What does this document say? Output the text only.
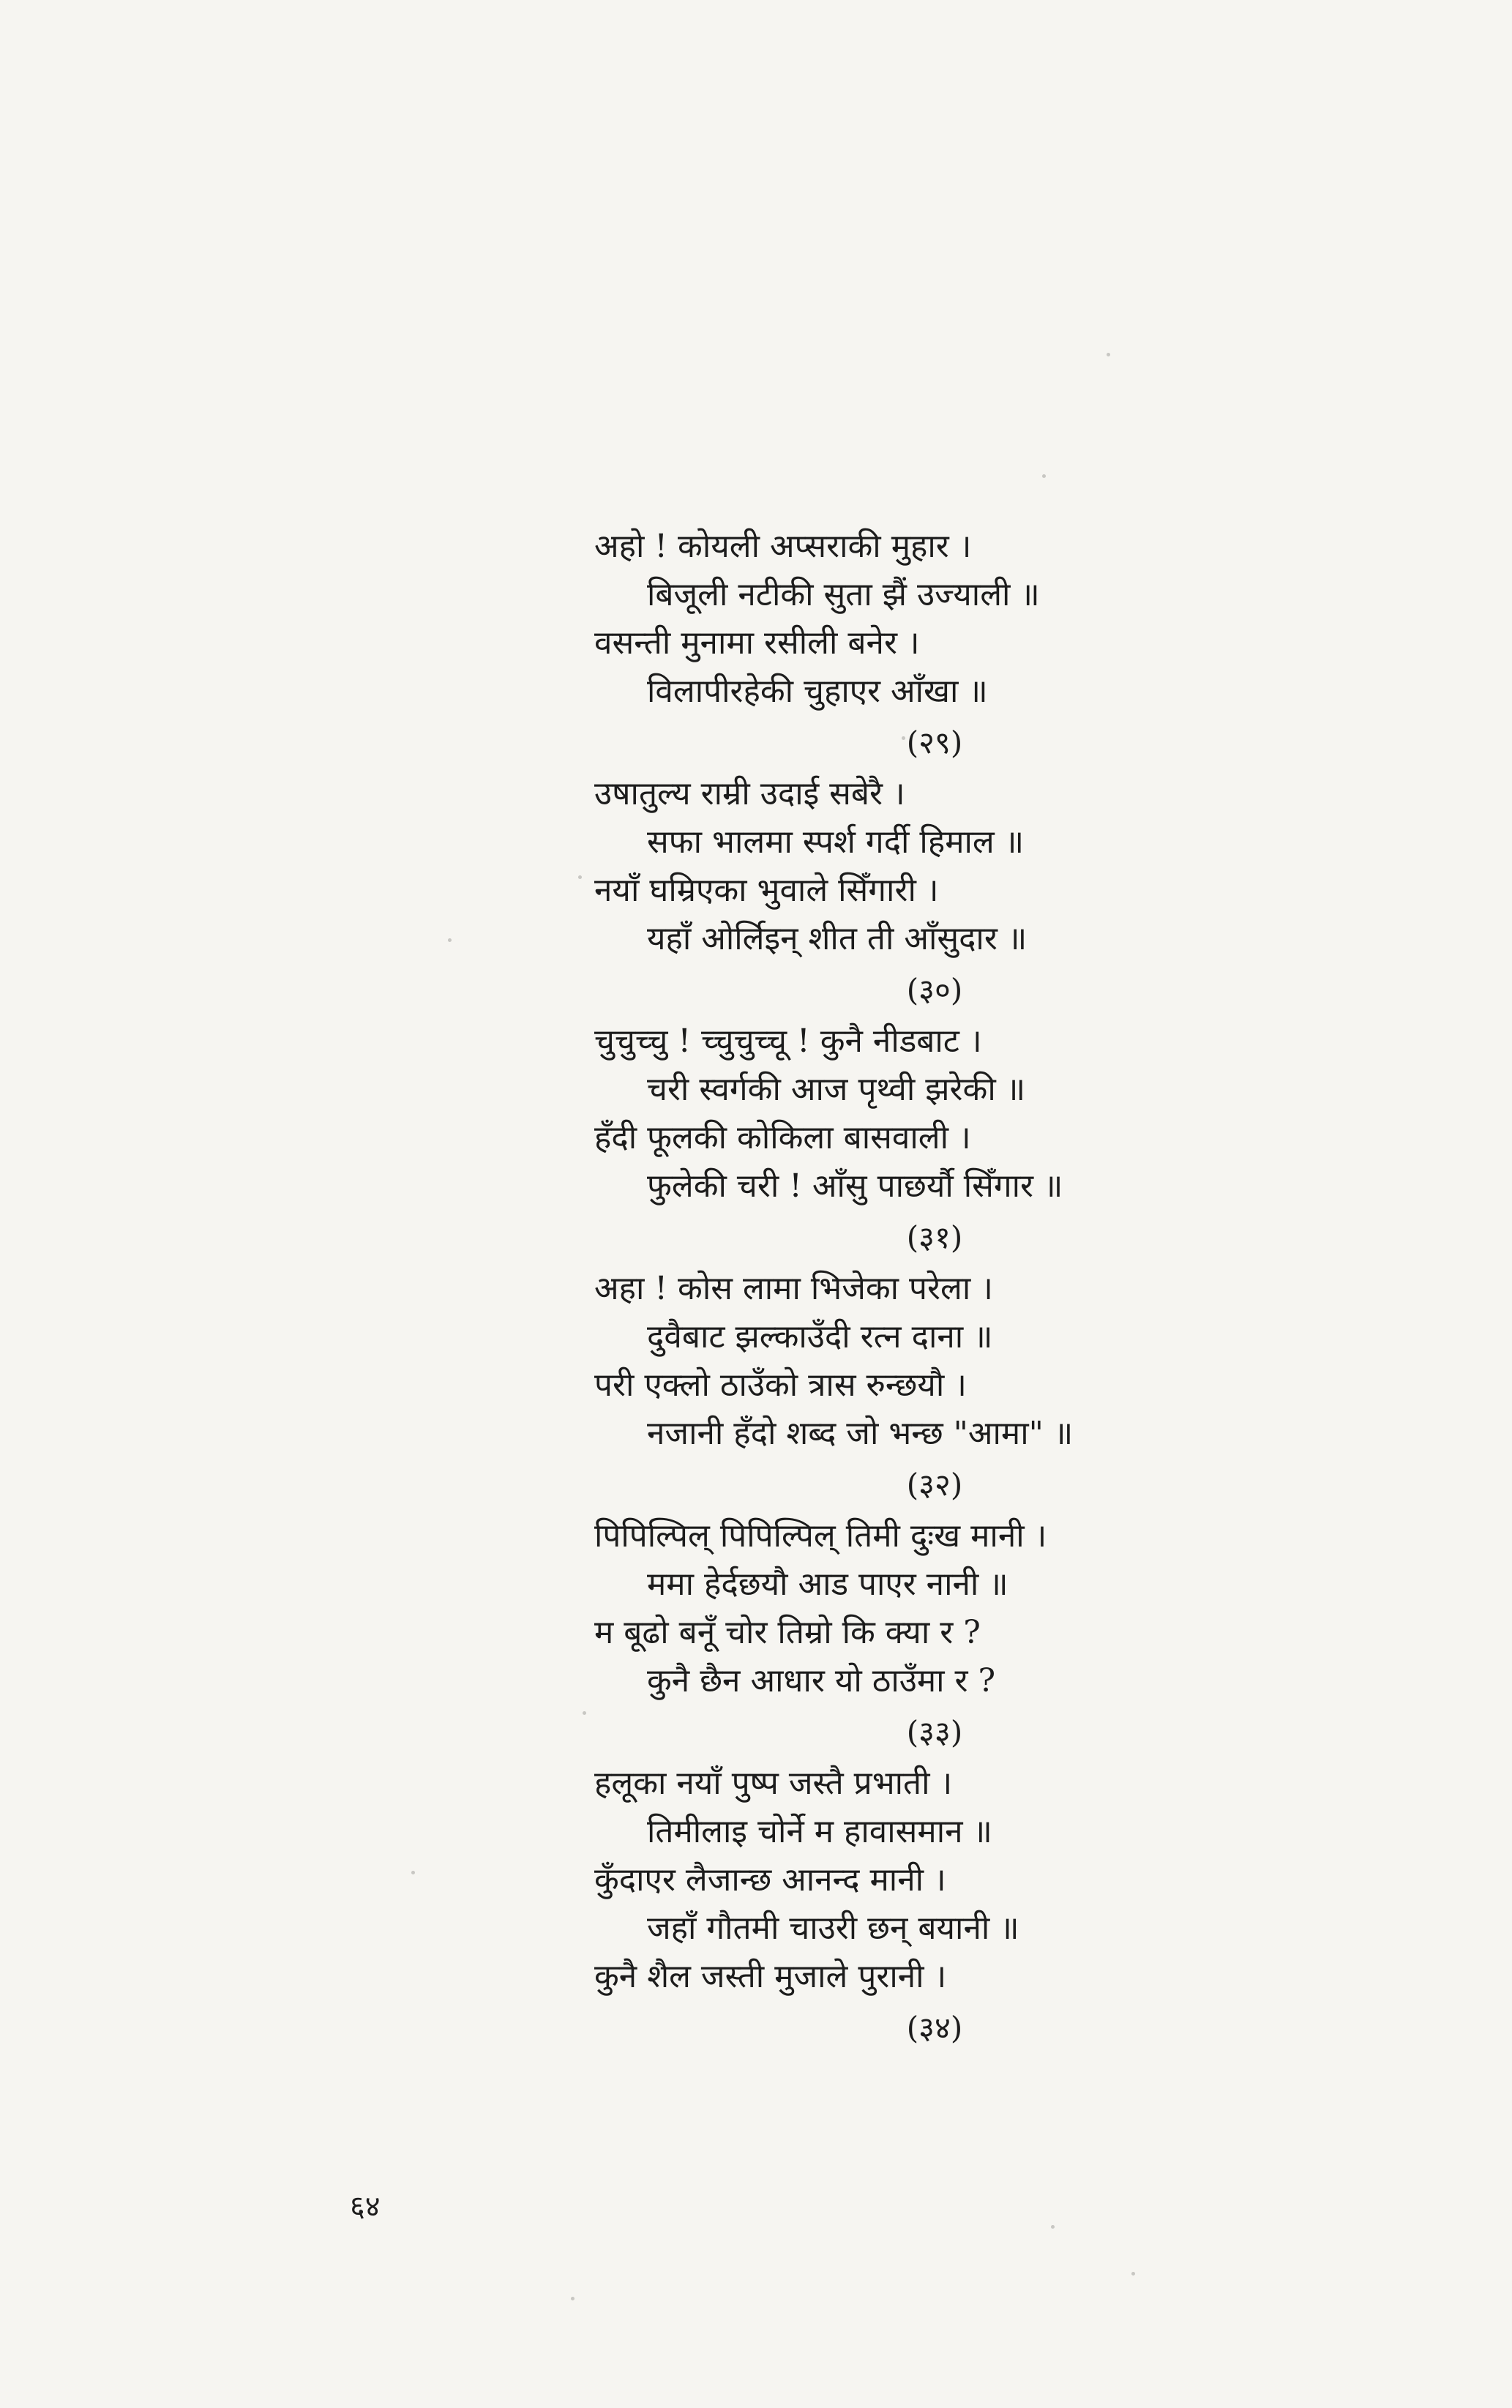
अहो ! कोयली अप्सराकी मुहार ।
बिजूली नटीकी सुता झैं उज्याली ॥
वसन्ती मुनामा रसीली बनेर ।
विलापीरहेकी चुहाएर आँखा ॥
(२९)
उषातुल्य राम्री उदाई सबेरै ।
सफा भालमा स्पर्श गर्दी हिमाल ॥
नयाँ घम्रिएका भुवाले सिँगारी ।
यहाँ ओर्लिइन् शीत ती आँसुदार ॥
(३०)
चुचुच्चु ! च्चुचुच्चू ! कुनै नीडबाट ।
चरी स्वर्गकी आज पृथ्वी झरेकी ॥
हँदी फूलकी कोकिला बासवाली ।
फुलेकी चरी ! आँसु पाछर्यौ सिँगार ॥
(३१)
अहा ! कोस लामा भिजेका परेला ।
दुवैबाट झल्काउँदी रत्न दाना ॥
परी एक्लो ठाउँको त्रास रुन्छयौ ।
नजानी हँदो शब्द जो भन्छ "आमा" ॥
(३२)
पिपिल्पिल् पिपिल्पिल् तिमी दुःख मानी ।
ममा हेर्दछयौ आड पाएर नानी ॥
म बूढो बनूँ चोर तिम्रो कि क्या र ?
कुनै छैन आधार यो ठाउँमा र ?
(३३)
हलूका नयाँ पुष्प जस्तै प्रभाती ।
तिमीलाइ चोर्ने म हावासमान ॥
कुँदाएर लैजान्छ आनन्द मानी ।
जहाँ गौतमी चाउरी छन् बयानी ॥
कुनै शैल जस्ती मुजाले पुरानी ।
(३४)
६४
